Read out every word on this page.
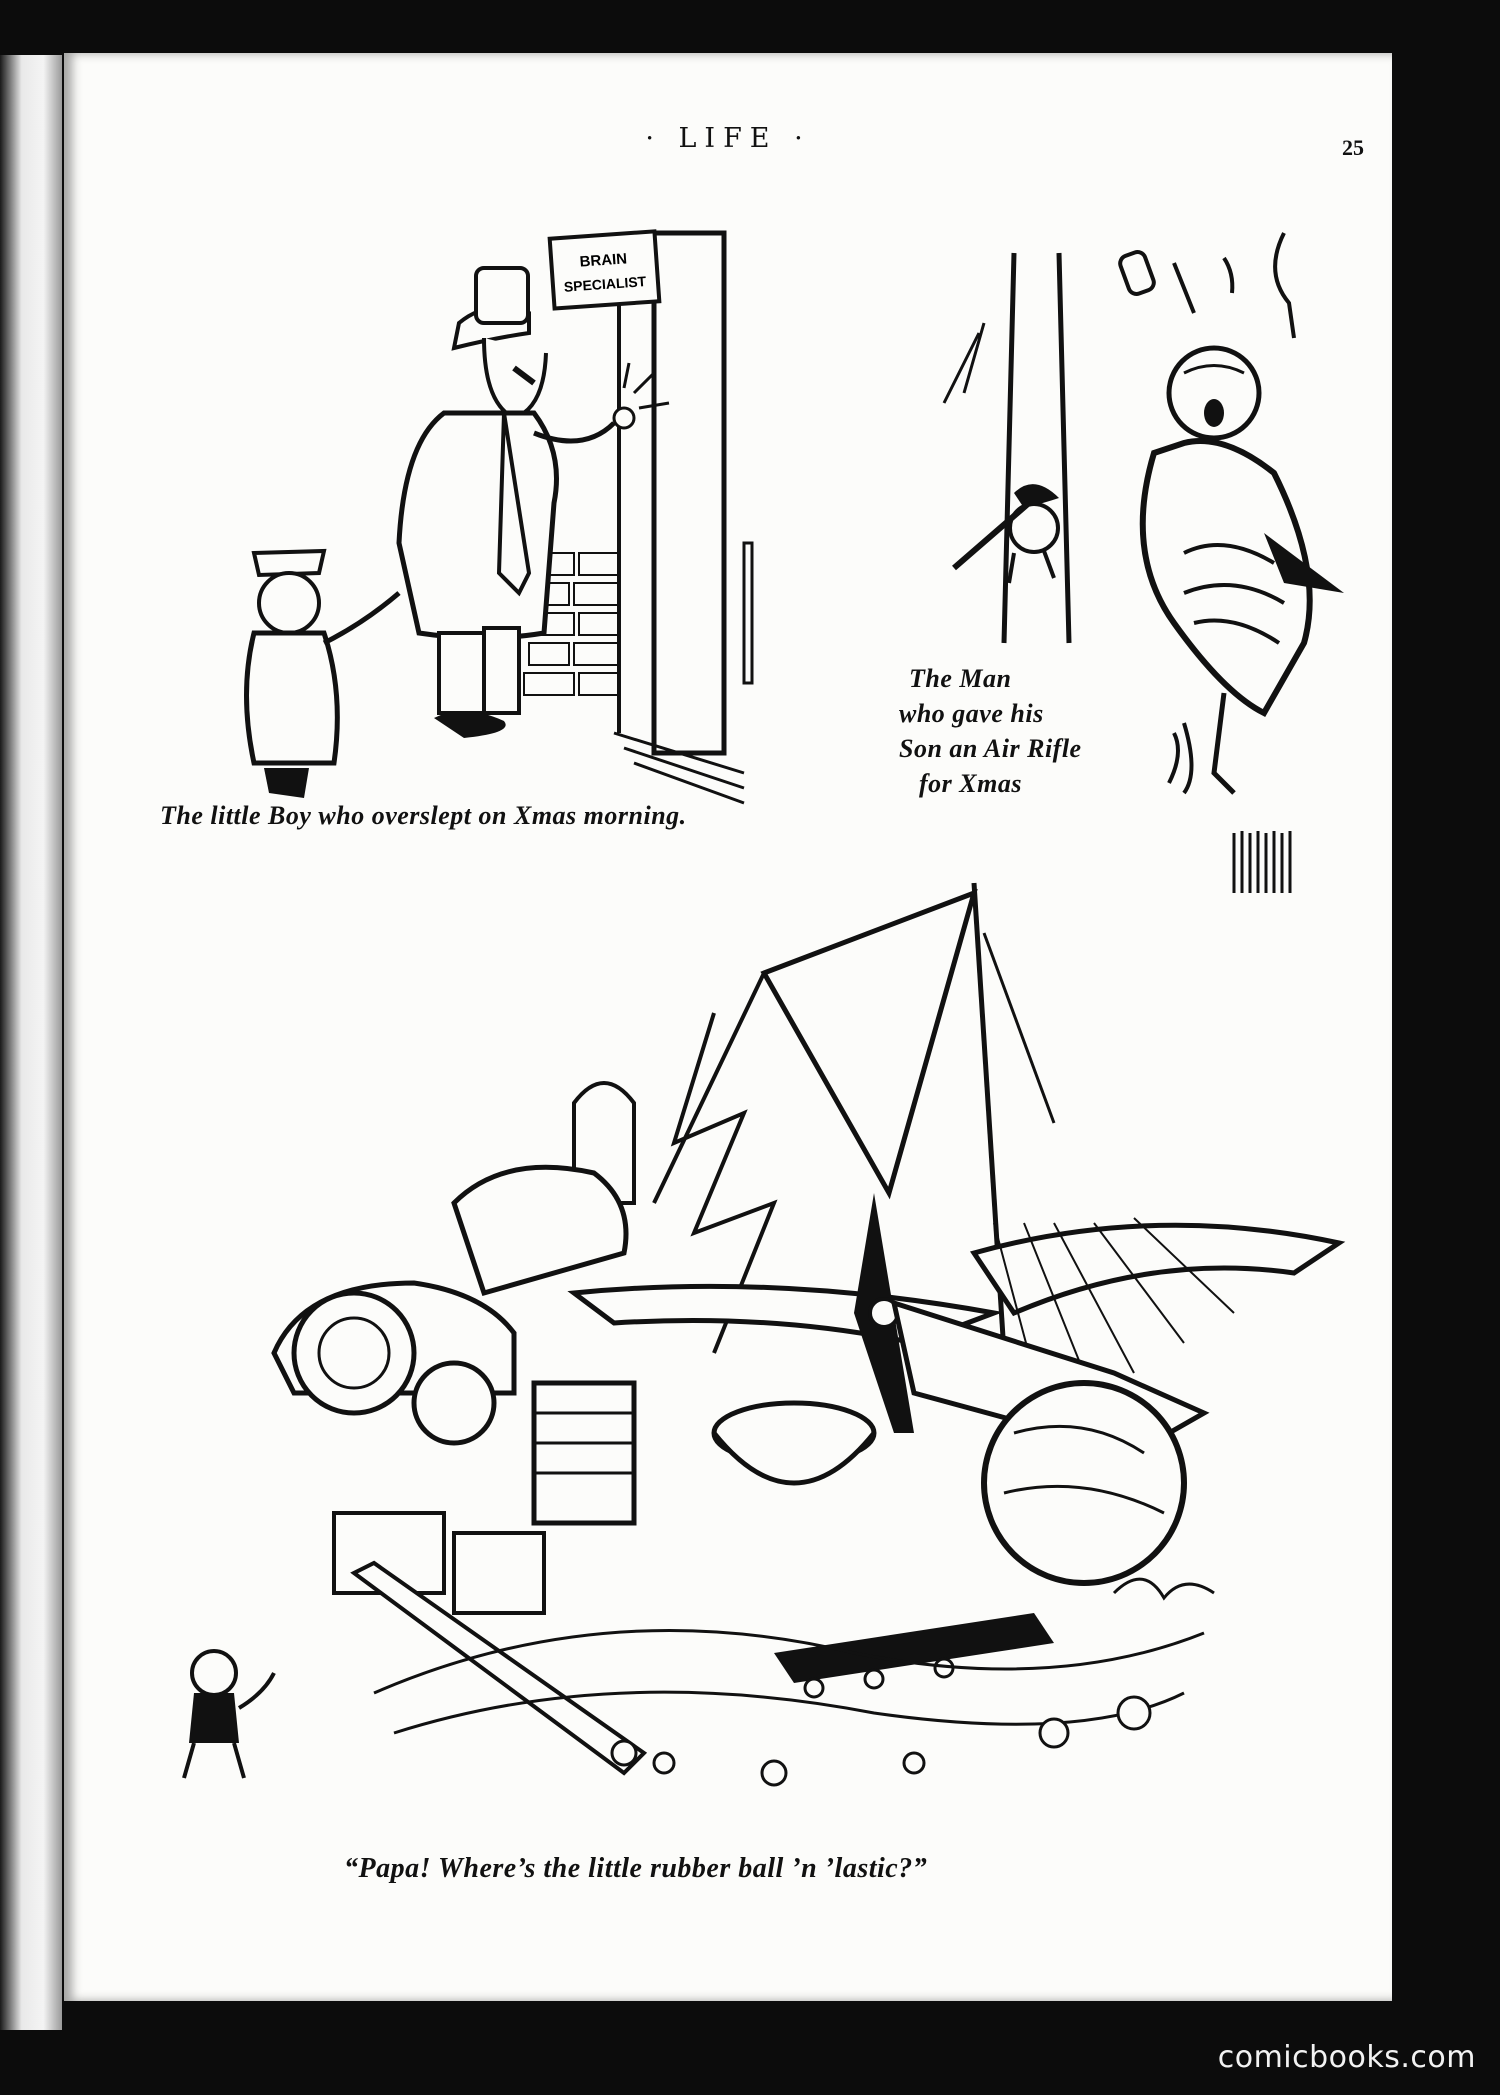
· LIFE ·	25
BRAIN
SPECIALIST
The little Boy who overslept on Xmas morning.
The Man
who gave his
Son an Air Rifle
for Xmas
“Papa! Where’s the little rubber ball ’n ’lastic?”
comicbooks.com
